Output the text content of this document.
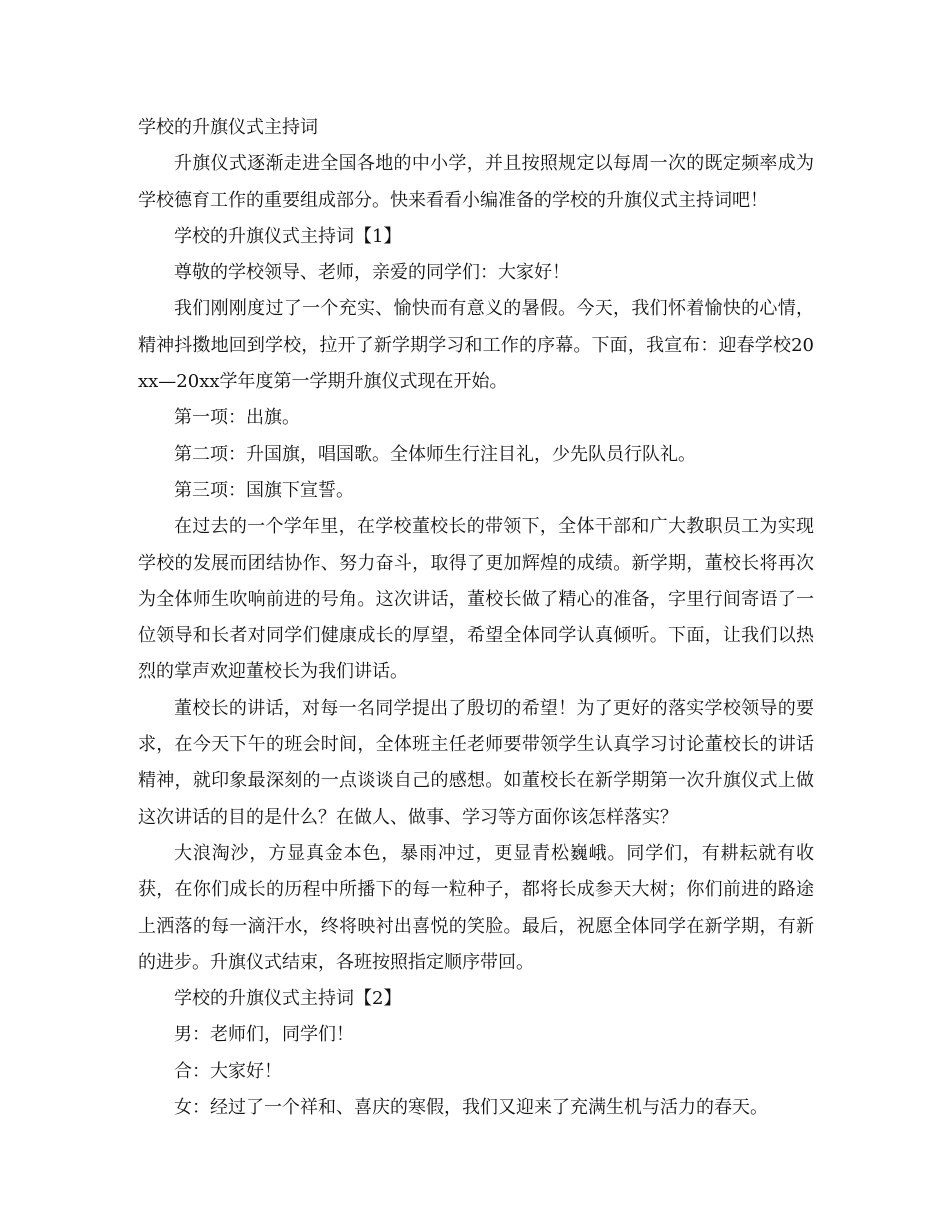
学校的升旗仪式主持词

升旗仪式逐渐走进全国各地的中小学，并且按照规定以每周一次的既定频率成为学校德育工作的重要组成部分。快来看看小编准备的学校的升旗仪式主持词吧！

学校的升旗仪式主持词【1】

尊敬的学校领导、老师，亲爱的同学们：大家好！

我们刚刚度过了一个充实、愉快而有意义的暑假。今天，我们怀着愉快的心情，精神抖擞地回到学校，拉开了新学期学习和工作的序幕。下面，我宣布：迎春学校20xx—20xx学年度第一学期升旗仪式现在开始。

第一项：出旗。

第二项：升国旗，唱国歌。全体师生行注目礼，少先队员行队礼。

第三项：国旗下宣誓。

在过去的一个学年里，在学校董校长的带领下，全体干部和广大教职员工为实现学校的发展而团结协作、努力奋斗，取得了更加辉煌的成绩。新学期，董校长将再次为全体师生吹响前进的号角。这次讲话，董校长做了精心的准备，字里行间寄语了一位领导和长者对同学们健康成长的厚望，希望全体同学认真倾听。下面，让我们以热烈的掌声欢迎董校长为我们讲话。

董校长的讲话，对每一名同学提出了殷切的希望！为了更好的落实学校领导的要求，在今天下午的班会时间，全体班主任老师要带领学生认真学习讨论董校长的讲话精神，就印象最深刻的一点谈谈自己的感想。如董校长在新学期第一次升旗仪式上做这次讲话的目的是什么？在做人、做事、学习等方面你该怎样落实？

大浪淘沙，方显真金本色，暴雨冲过，更显青松巍峨。同学们，有耕耘就有收获，在你们成长的历程中所播下的每一粒种子，都将长成参天大树；你们前进的路途上洒落的每一滴汗水，终将映衬出喜悦的笑脸。最后，祝愿全体同学在新学期，有新的进步。升旗仪式结束，各班按照指定顺序带回。

学校的升旗仪式主持词【2】

男：老师们，同学们！

合：大家好！

女：经过了一个祥和、喜庆的寒假，我们又迎来了充满生机与活力的春天。
